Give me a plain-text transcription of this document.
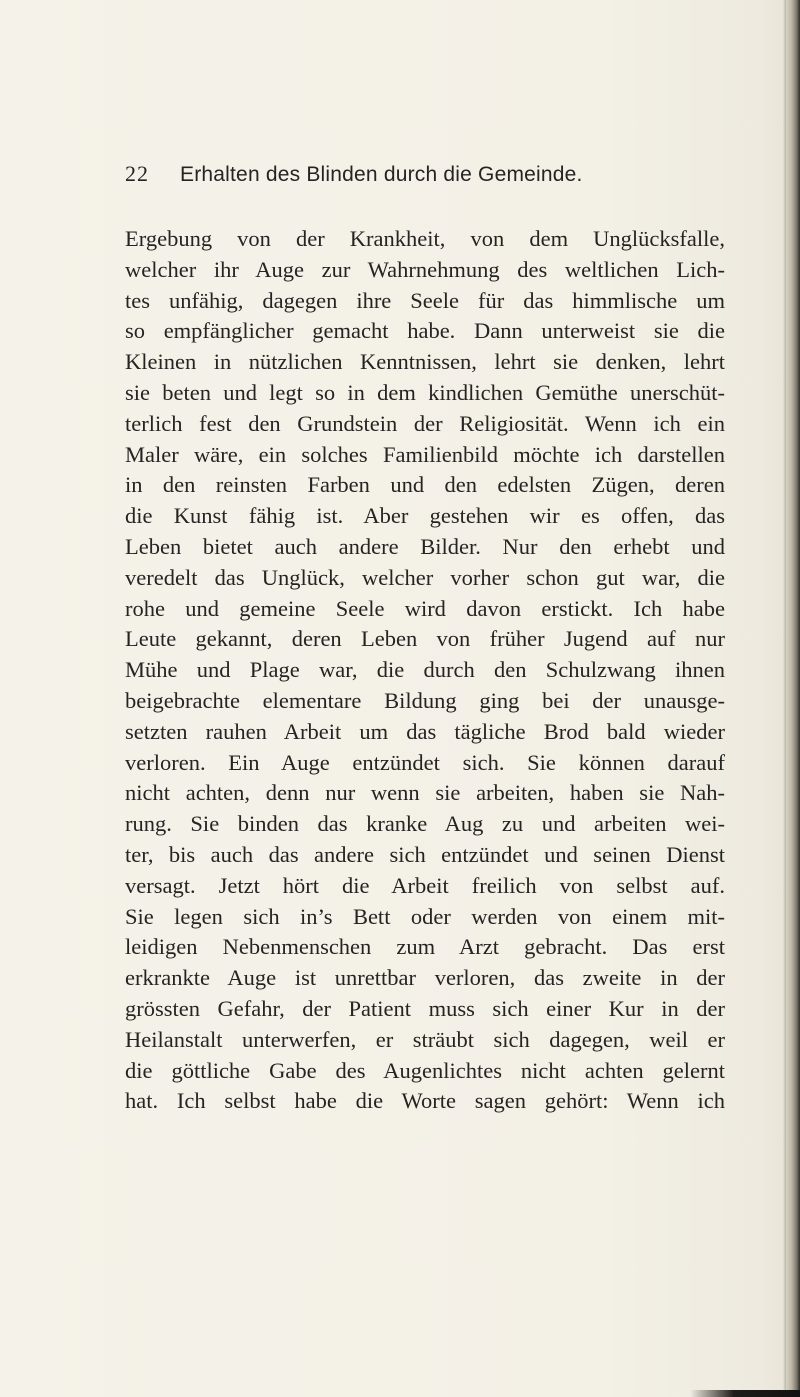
22 Erhalten des Blinden durch die Gemeinde.
Ergebung von der Krankheit, von dem Unglücksfalle,
welcher ihr Auge zur Wahrnehmung des weltlichen Lich-
tes unfähig, dagegen ihre Seele für das himmlische um
so empfänglicher gemacht habe. Dann unterweist sie die
Kleinen in nützlichen Kenntnissen, lehrt sie denken, lehrt
sie beten und legt so in dem kindlichen Gemüthe unerschüt-
terlich fest den Grundstein der Religiosität. Wenn ich ein
Maler wäre, ein solches Familienbild möchte ich darstellen
in den reinsten Farben und den edelsten Zügen, deren
die Kunst fähig ist. Aber gestehen wir es offen, das
Leben bietet auch andere Bilder. Nur den erhebt und
veredelt das Unglück, welcher vorher schon gut war, die
rohe und gemeine Seele wird davon erstickt. Ich habe
Leute gekannt, deren Leben von früher Jugend auf nur
Mühe und Plage war, die durch den Schulzwang ihnen
beigebrachte elementare Bildung ging bei der unausge-
setzten rauhen Arbeit um das tägliche Brod bald wieder
verloren. Ein Auge entzündet sich. Sie können darauf
nicht achten, denn nur wenn sie arbeiten, haben sie Nah-
rung. Sie binden das kranke Aug zu und arbeiten wei-
ter, bis auch das andere sich entzündet und seinen Dienst
versagt. Jetzt hört die Arbeit freilich von selbst auf.
Sie legen sich in’s Bett oder werden von einem mit-
leidigen Nebenmenschen zum Arzt gebracht. Das erst
erkrankte Auge ist unrettbar verloren, das zweite in der
grössten Gefahr, der Patient muss sich einer Kur in der
Heilanstalt unterwerfen, er sträubt sich dagegen, weil er
die göttliche Gabe des Augenlichtes nicht achten gelernt
hat. Ich selbst habe die Worte sagen gehört: Wenn ich
